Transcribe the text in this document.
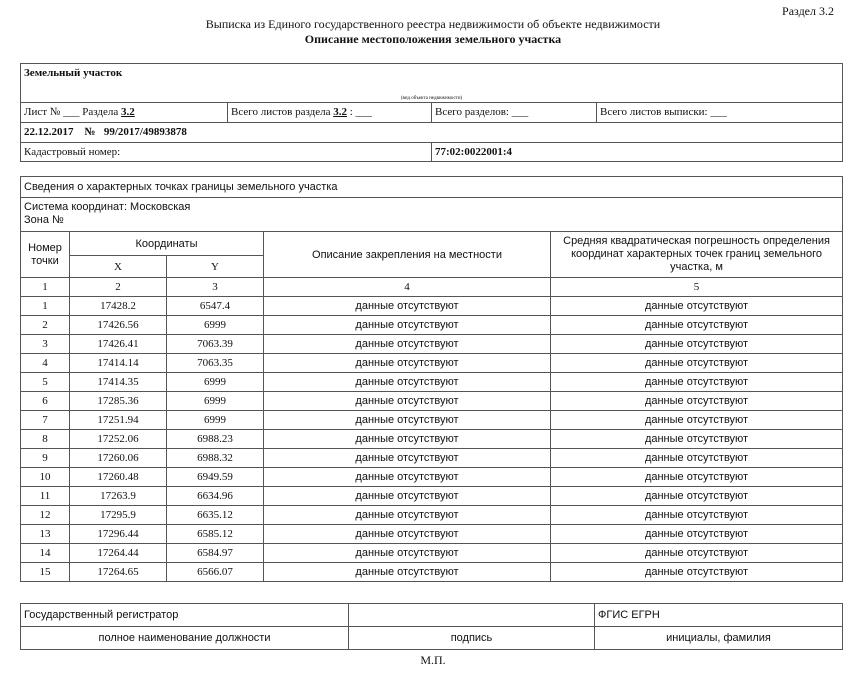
Раздел 3.2
Выписка из Единого государственного реестра недвижимости об объекте недвижимости
Описание местоположения земельного участка
Земельный участок			
(вид объекта недвижимости)			
Лист № ___ Раздела 3.2	Всего листов раздела 3.2 : ___	Всего разделов: ___	Всего листов выписки: ___
22.12.2017 № 99/2017/49893878			
Кадастровый номер:		77:02:0022001:4	
Сведения о характерных точках границы земельного участка				

Система координат: Московская
Зона №				

Номер точки	Координаты		Описание закрепления на местности	Средняя квадратическая погрешность определения координат характерных точек границ земельного участка, м
	X	Y		
1	2	3	4	5
1	17428.2	6547.4	данные отсутствуют	данные отсутствуют
2	17426.56	6999	данные отсутствуют	данные отсутствуют
3	17426.41	7063.39	данные отсутствуют	данные отсутствуют
4	17414.14	7063.35	данные отсутствуют	данные отсутствуют
5	17414.35	6999	данные отсутствуют	данные отсутствуют
6	17285.36	6999	данные отсутствуют	данные отсутствуют
7	17251.94	6999	данные отсутствуют	данные отсутствуют
8	17252.06	6988.23	данные отсутствуют	данные отсутствуют
9	17260.06	6988.32	данные отсутствуют	данные отсутствуют
10	17260.48	6949.59	данные отсутствуют	данные отсутствуют
11	17263.9	6634.96	данные отсутствуют	данные отсутствуют
12	17295.9	6635.12	данные отсутствуют	данные отсутствуют
13	17296.44	6585.12	данные отсутствуют	данные отсутствуют
14	17264.44	6584.97	данные отсутствуют	данные отсутствуют
15	17264.65	6566.07	данные отсутствуют	данные отсутствуют
Государственный регистратор		ФГИС ЕГРН
полное наименование должности	подпись	инициалы, фамилия
М.П.
